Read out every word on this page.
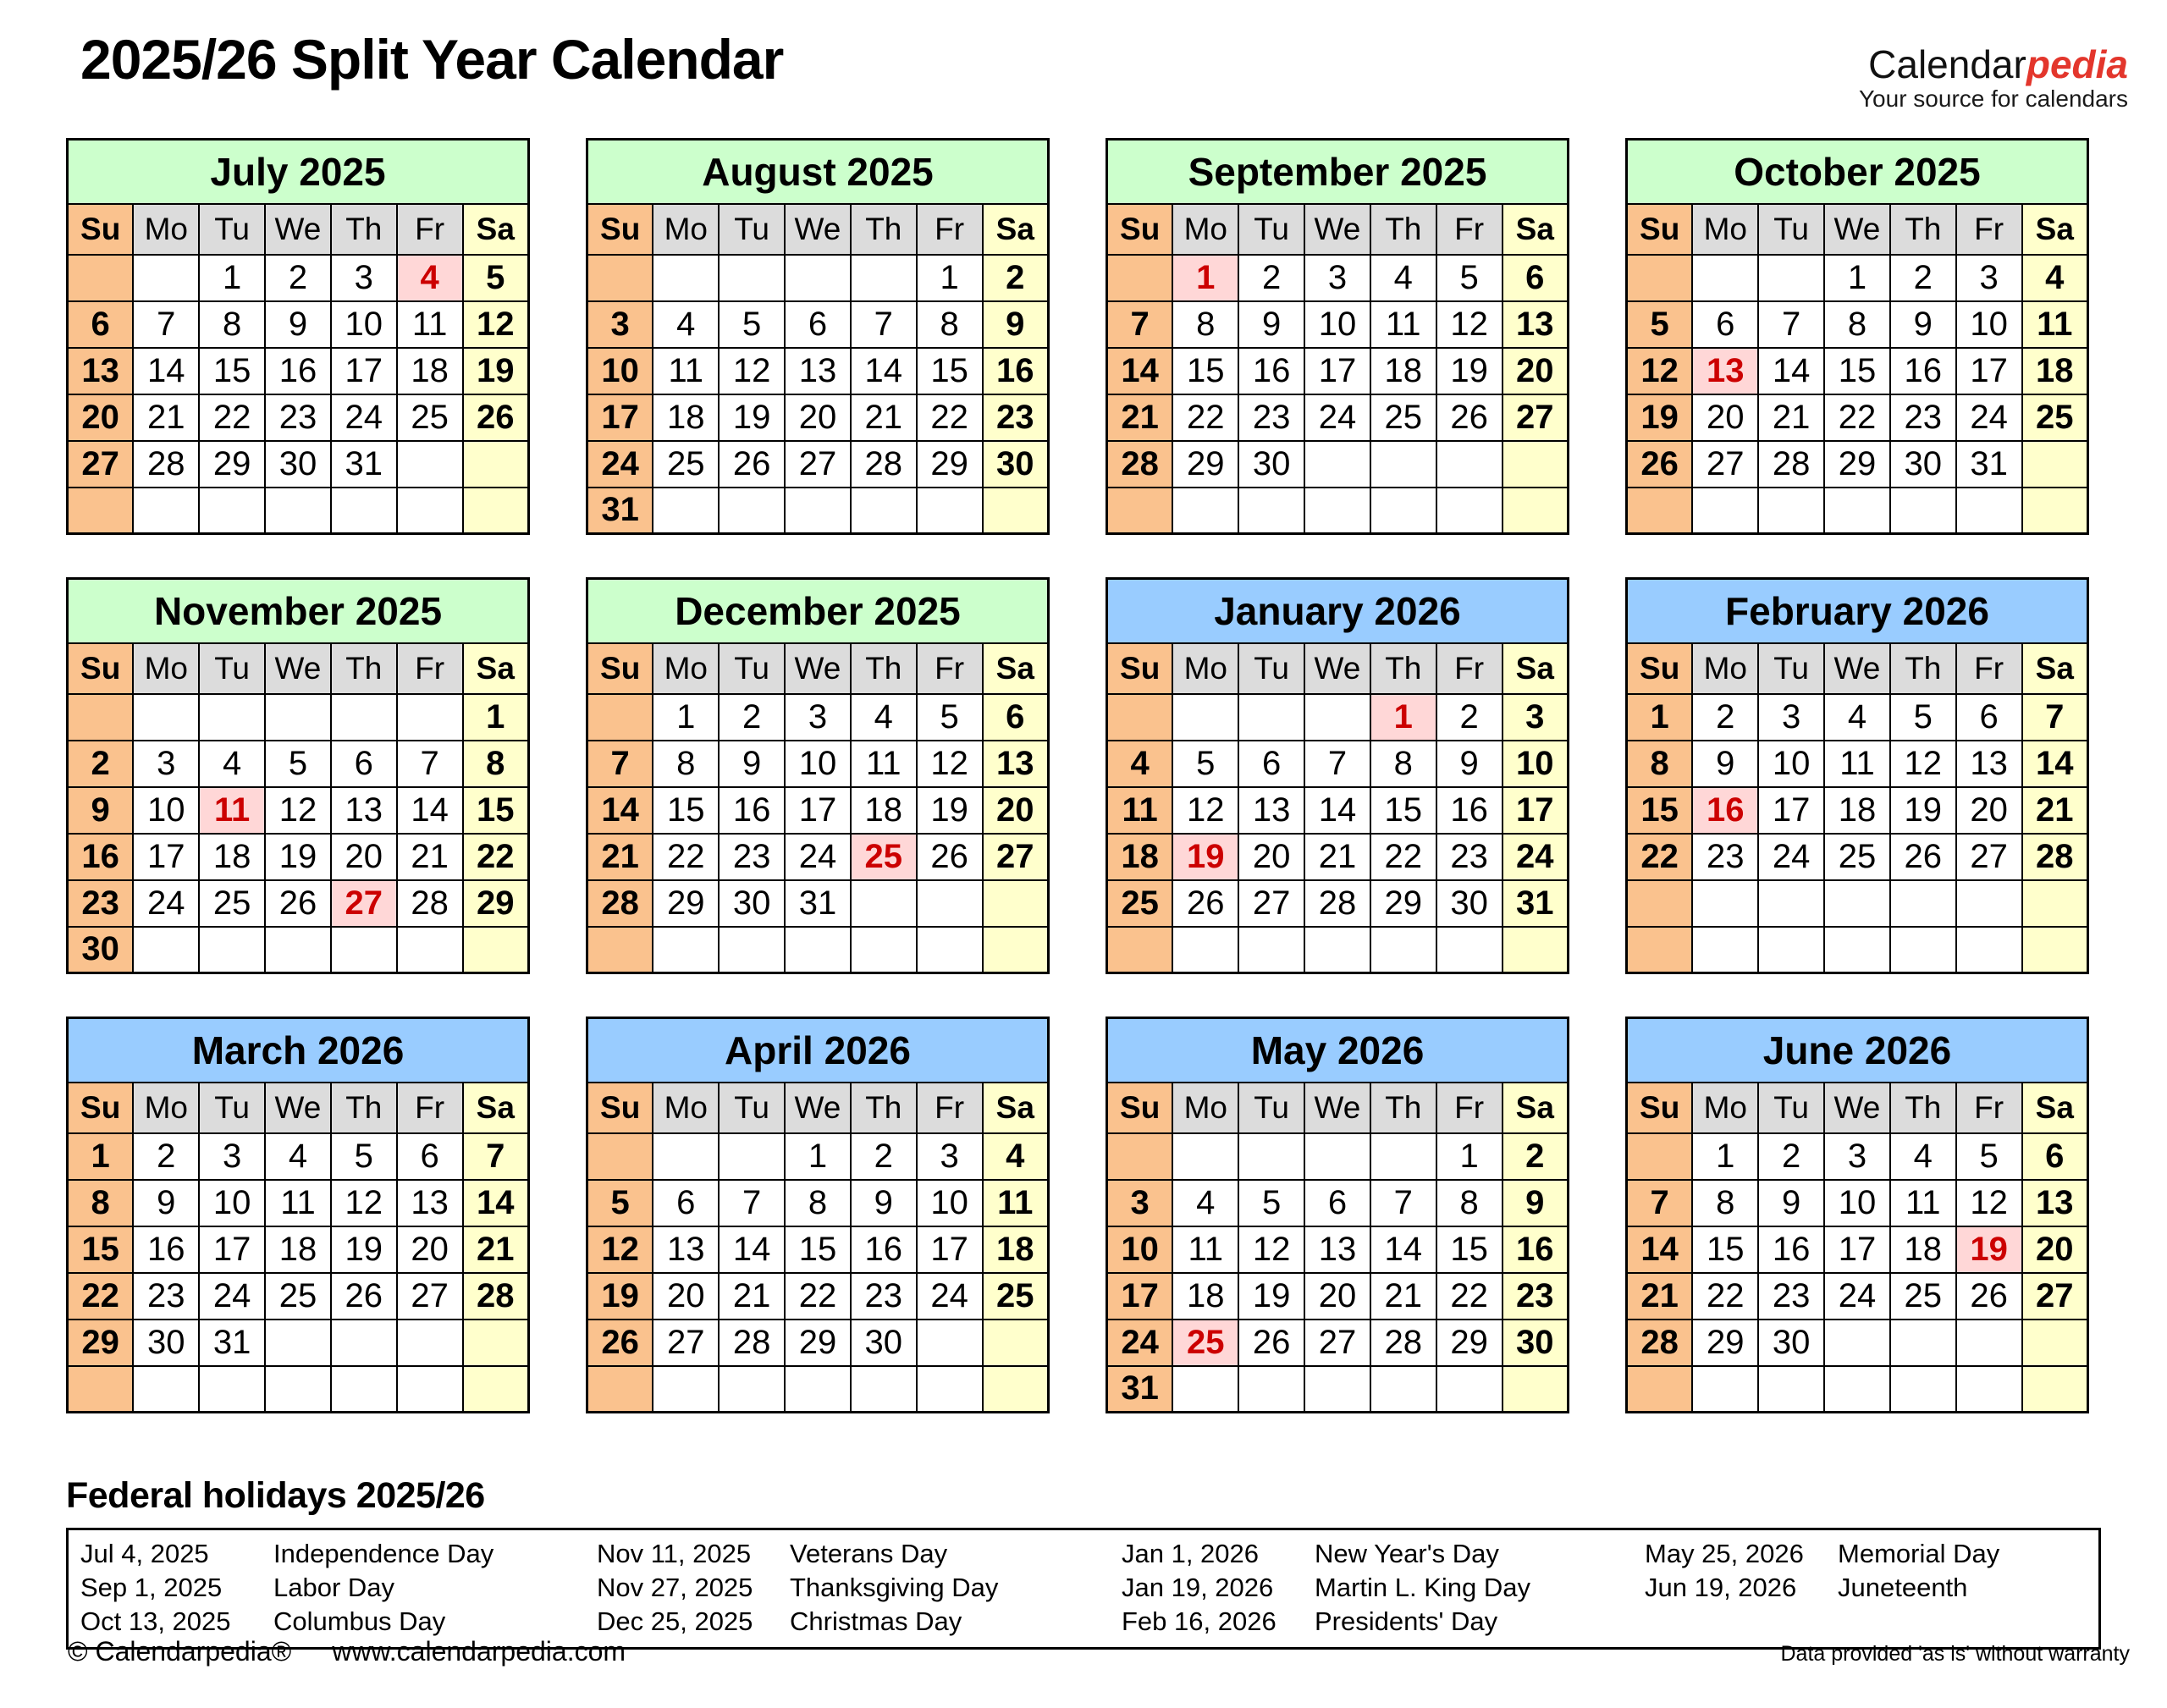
2025/26 Split Year Calendar	Calendarpedia
Your source for calendars
July 2025						
Su	Mo	Tu	We	Th	Fr	Sa
		1	2	3	4	5
6	7	8	9	10	11	12
13	14	15	16	17	18	19
20	21	22	23	24	25	26
27	28	29	30	31		

August 2025						
Su	Mo	Tu	We	Th	Fr	Sa
					1	2
3	4	5	6	7	8	9
10	11	12	13	14	15	16
17	18	19	20	21	22	23
24	25	26	27	28	29	30
31						
September 2025						
Su	Mo	Tu	We	Th	Fr	Sa
	1	2	3	4	5	6
7	8	9	10	11	12	13
14	15	16	17	18	19	20
21	22	23	24	25	26	27
28	29	30				

October 2025						
Su	Mo	Tu	We	Th	Fr	Sa
			1	2	3	4
5	6	7	8	9	10	11
12	13	14	15	16	17	18
19	20	21	22	23	24	25
26	27	28	29	30	31	

November 2025						
Su	Mo	Tu	We	Th	Fr	Sa
						1
2	3	4	5	6	7	8
9	10	11	12	13	14	15
16	17	18	19	20	21	22
23	24	25	26	27	28	29
30						
December 2025						
Su	Mo	Tu	We	Th	Fr	Sa
	1	2	3	4	5	6
7	8	9	10	11	12	13
14	15	16	17	18	19	20
21	22	23	24	25	26	27
28	29	30	31			

January 2026						
Su	Mo	Tu	We	Th	Fr	Sa
				1	2	3
4	5	6	7	8	9	10
11	12	13	14	15	16	17
18	19	20	21	22	23	24
25	26	27	28	29	30	31

February 2026						
Su	Mo	Tu	We	Th	Fr	Sa
1	2	3	4	5	6	7
8	9	10	11	12	13	14
15	16	17	18	19	20	21
22	23	24	25	26	27	28

March 2026						
Su	Mo	Tu	We	Th	Fr	Sa
1	2	3	4	5	6	7
8	9	10	11	12	13	14
15	16	17	18	19	20	21
22	23	24	25	26	27	28
29	30	31				

April 2026						
Su	Mo	Tu	We	Th	Fr	Sa
			1	2	3	4
5	6	7	8	9	10	11
12	13	14	15	16	17	18
19	20	21	22	23	24	25
26	27	28	29	30		

May 2026						
Su	Mo	Tu	We	Th	Fr	Sa
					1	2
3	4	5	6	7	8	9
10	11	12	13	14	15	16
17	18	19	20	21	22	23
24	25	26	27	28	29	30
31						
June 2026						
Su	Mo	Tu	We	Th	Fr	Sa
	1	2	3	4	5	6
7	8	9	10	11	12	13
14	15	16	17	18	19	20
21	22	23	24	25	26	27
28	29	30				

Federal holidays 2025/26
Jul 4, 2025	Independence Day	Nov 11, 2025	Veterans Day	Jan 1, 2026	New Year's Day	May 25, 2026	Memorial Day
Sep 1, 2025	Labor Day	Nov 27, 2025	Thanksgiving Day	Jan 19, 2026	Martin L. King Day	Jun 19, 2026	Juneteenth
Oct 13, 2025	Columbus Day	Dec 25, 2025	Christmas Day	Feb 16, 2026	Presidents' Day
© Calendarpedia® www.calendarpedia.com	Data provided 'as is' without warranty
